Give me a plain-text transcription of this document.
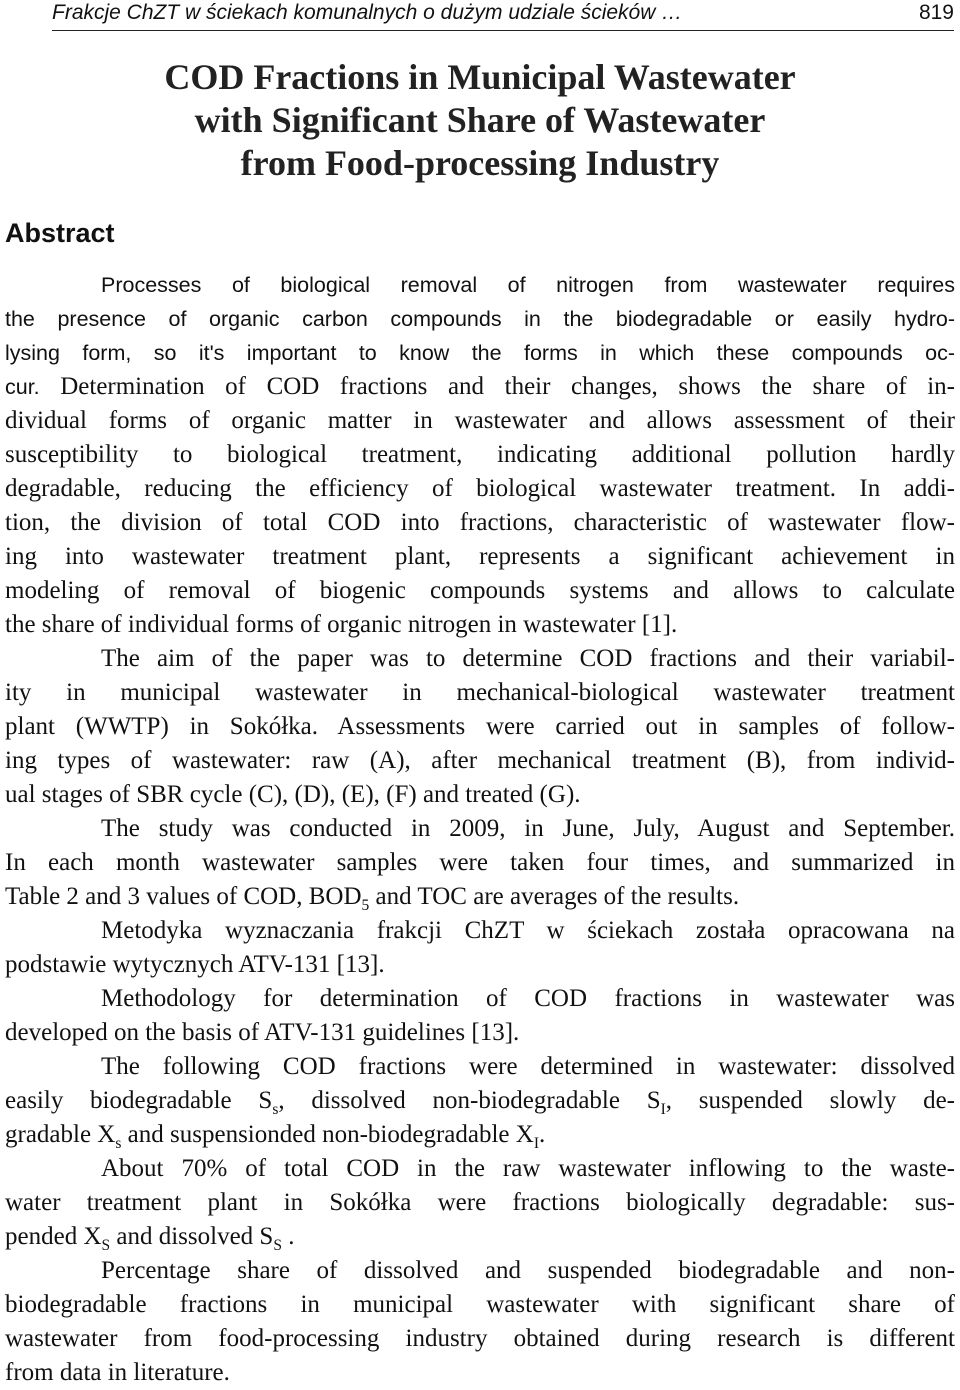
Frakcje ChZT w ściekach komunalnych o dużym udziale ścieków …	819
COD Fractions in Municipal Wastewater
with Significant Share of Wastewater
from Food-processing Industry
Abstract
Processes of biological removal of nitrogen from wastewater requires
the presence of organic carbon compounds in the biodegradable or easily hydro-
lysing form, so it's important to know the forms in which these compounds oc-
cur. Determination of COD fractions and their changes, shows the share of in-
dividual forms of organic matter in wastewater and allows assessment of their
susceptibility to biological treatment, indicating additional pollution hardly
degradable, reducing the efficiency of biological wastewater treatment. In addi-
tion, the division of total COD into fractions, characteristic of wastewater flow-
ing into wastewater treatment plant, represents a significant achievement in
modeling of removal of biogenic compounds systems and allows to calculate
the share of individual forms of organic nitrogen in wastewater [1].
The aim of the paper was to determine COD fractions and their variabil-
ity in municipal wastewater in mechanical-biological wastewater treatment
plant (WWTP) in Sokółka. Assessments were carried out in samples of follow-
ing types of wastewater: raw (A), after mechanical treatment (B), from individ-
ual stages of SBR cycle (C), (D), (E), (F) and treated (G).
The study was conducted in 2009, in June, July, August and September.
In each month wastewater samples were taken four times, and summarized in
Table 2 and 3 values of COD, $BOD_5$ and TOC are averages of the results.
Metodyka wyznaczania frakcji ChZT w ściekach została opracowana na
podstawie wytycznych ATV-131 [13].
Methodology for determination of COD fractions in wastewater was
developed on the basis of ATV-131 guidelines [13].
The following COD fractions were determined in wastewater: dissolved
easily biodegradable $S_s$, dissolved non-biodegradable $S_I$, suspended slowly de-
gradable $X_s$ and suspensionded non-biodegradable $X_I$.
About 70% of total COD in the raw wastewater inflowing to the waste-
water treatment plant in Sokółka were fractions biologically degradable: sus-
pended $X_S$ and dissolved $S_S$ .
Percentage share of dissolved and suspended biodegradable and non-
biodegradable fractions in municipal wastewater with significant share of
wastewater from food-processing industry obtained during research is different
from data in literature.
